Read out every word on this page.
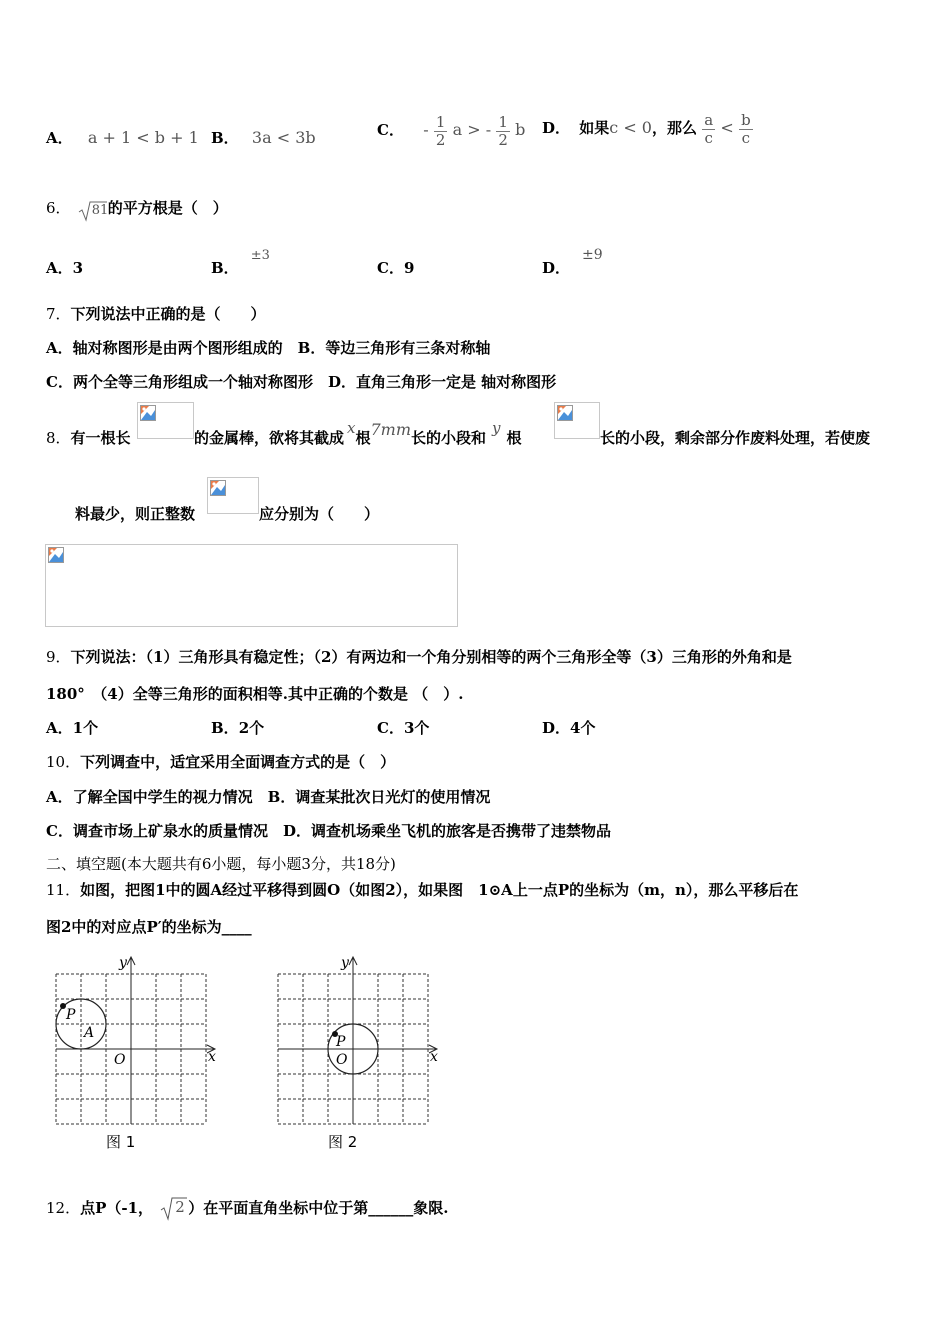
A． a + 1 < b + 1 B． 3a < 3b	C． - $\frac{1}{2}$ a > - $\frac{1}{2}$ b D． 如果c < 0，那么 $\frac{a}{c} < \frac{b}{c}$
6． 81 的平方根是（　）
A．3	B．±3
C．9	D．±9
7．下列说法中正确的是（　　）
A．轴对称图形是由两个图形组成的　B．等边三角形有三条对称轴
C．两个全等三角形组成一个轴对称图形　D．直角三角形一定是 轴对称图形
8．有一根长	的金属棒，欲将其截成x根7mm长的小段和y根	长的小段，剩余部分作废料处理，若使废
料最少，则正整数	应分别为（　　）
9．下列说法：（1）三角形具有稳定性；（2）有两边和一个角分别相等的两个三角形全等（3）三角形的外角和是
180°　（4）全等三角形的面积相等.其中正确的个数是 （　）.
A．1个	B．2个	C．3个	D．4个
10．下列调查中，适宜采用全面调查方式的是（　）
A．了解全国中学生的视力情况　B．调查某批次日光灯的使用情况
C．调查市场上矿泉水的质量情况　D．调查机场乘坐飞机的旅客是否携带了违禁物品
二、填空题(本大题共有6小题，每小题3分，共18分)
11．如图，把图1中的圆A经过平移得到圆O（如图2），如果图　1⊙A上一点P的坐标为（m，n），那么平移后在
图2中的对应点P′的坐标为____
y
x
O
P
A
图 1
y
x
O
P
图 2
12．点P（-1， 2 ）在平面直角坐标中位于第______象限.
